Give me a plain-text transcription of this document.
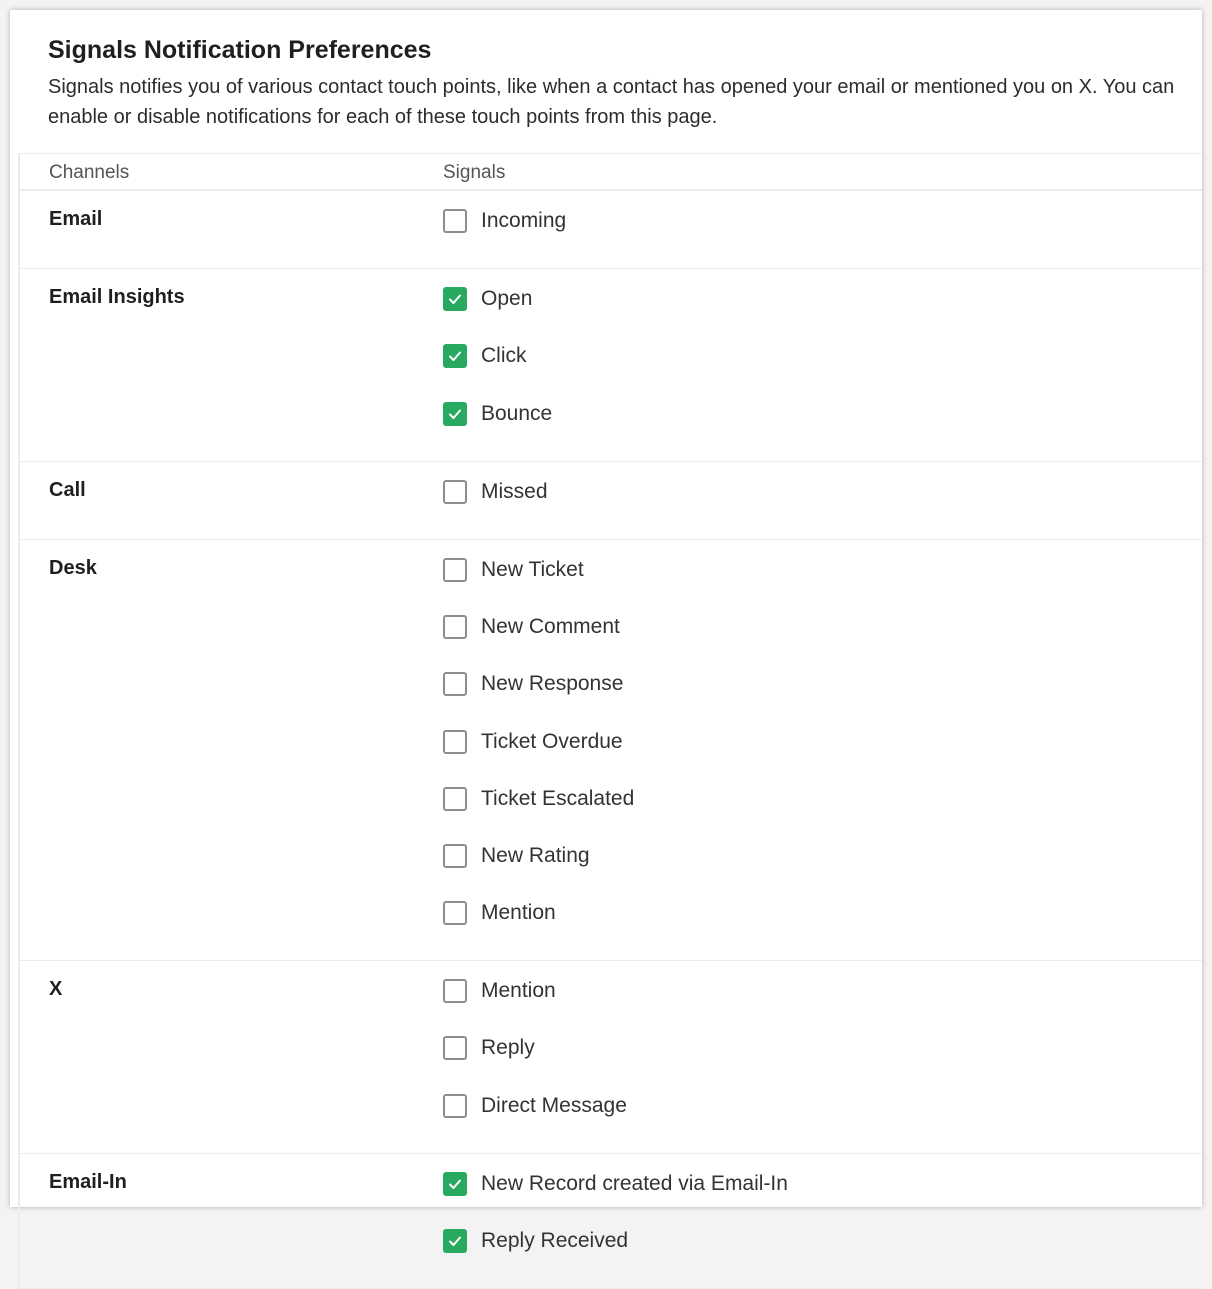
Signals Notification Preferences

Signals notifies you of various contact touch points, like when a contact has opened your email or mentioned you on X. You can enable or disable notifications for each of these touch points from this page.

Channels	Signals
Email	Incoming
Email Insights	Open
Click
Bounce
Call	Missed
Desk	New Ticket
New Comment
New Response
Ticket Overdue
Ticket Escalated
New Rating
Mention
X	Mention
Reply
Direct Message
Email-In	New Record created via Email-In
Reply Received
